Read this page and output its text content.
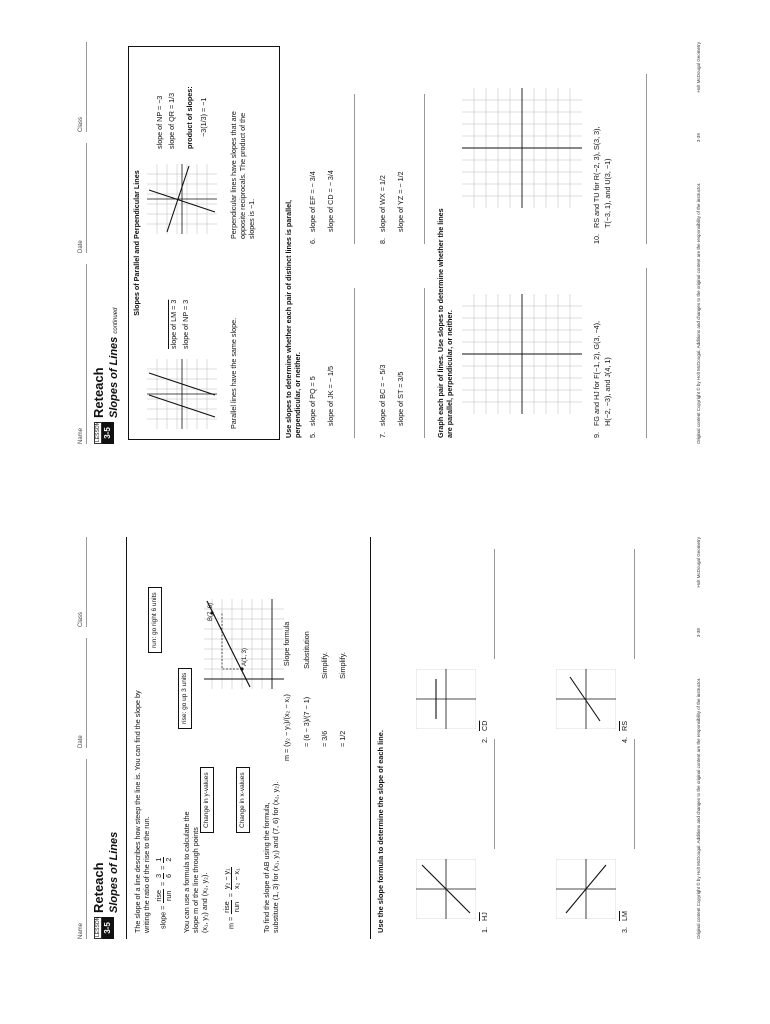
Name
Date
Class
LESSON 3-5
Reteach Slopes of Lines The slope of a line describes how steep the line is. You can find the slope by writing the ratio of the rise to the run.	slope =
rise run
=
3 6
=
1 2 You can use a formula to calculate the slope m of the line through points (x₁, y₁) and (x₂, y₂).	m =
rise run
=
y₂ − y₁ x₂ − x₁
Change in y-values	Change in x-values
To find the slope of AB using the formula, substitute (1, 3) for (x₁, y₁) and (7, 6) for (x₂, y₂).
m = (y₂ − y₁)/(x₂ − x₁)
Slope formula
= (6 − 3)/(7 − 1)
Substitution
= 3/6
Simplify.
= 1/2
Simplify.
rise: go up 3 units
run: go right 6 units
A(1, 3)
B(7, 6)
Use the slope formula to determine the slope of each line.	1.
$\overline{HJ}$
2.
$\overline{CD}$
3.
$\overline{LM}$
4.
$\overline{RS}$	Original content Copyright © by Holt McDougal. Additions and changes to the original content are the responsibility of the instructor.
3-38
Holt McDougal Geometry
Name
Date
Class
LESSON 3-5
Reteach Slopes of Lines continued
Slopes of Parallel and Perpendicular Lines
slope of LM = 3 slope of NP = 3	Parallel lines have the same slope.
slope of NP = −3 slope of QR = 1/3 product of slopes: −3(1/3) = −1	Perpendicular lines have slopes that are opposite reciprocals. The product of the slopes is −1.	Use slopes to determine whether each pair of distinct lines is parallel, perpendicular, or neither. 5.
slope of PQ = 5 slope of JK = − 1/5
6.
slope of EF = − 3/4 slope of CD = − 3/4
7.
slope of BC = − 5/3 slope of ST = 3/5
8.
slope of WX = 1/2 slope of YZ = − 1/2
Graph each pair of lines. Use slopes to determine whether the lines are parallel, perpendicular, or neither.	9.
FG and HJ for F(−1, 2), G(3, −4), H(−2, −3), and J(4, 1)
10.
RS and TU for R(−2, 3), S(3, 3), T(−3, 1), and U(3, −1)	Original content Copyright © by Holt McDougal. Additions and changes to the original content are the responsibility of the instructor.
3-39
Holt McDougal Geometry
